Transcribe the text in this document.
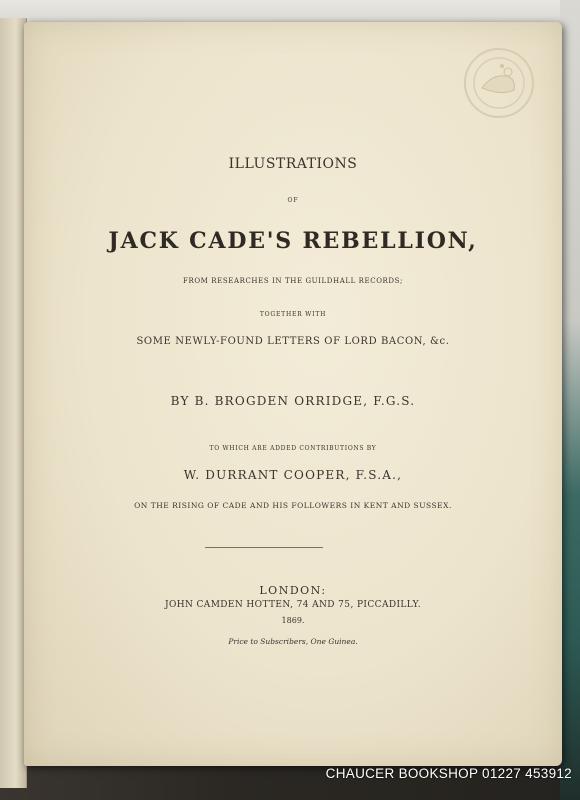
ILLUSTRATIONS
OF
JACK CADE'S REBELLION,
FROM RESEARCHES IN THE GUILDHALL RECORDS;
TOGETHER WITH
SOME NEWLY-FOUND LETTERS OF LORD BACON, &c.
BY B. BROGDEN ORRIDGE, F.G.S.
TO WHICH ARE ADDED CONTRIBUTIONS BY
W. DURRANT COOPER, F.S.A.,
ON THE RISING OF CADE AND HIS FOLLOWERS IN KENT AND SUSSEX.
LONDON:
JOHN CAMDEN HOTTEN, 74 AND 75, PICCADILLY.
1869.
Price to Subscribers, One Guinea.
CHAUCER BOOKSHOP 01227 453912
